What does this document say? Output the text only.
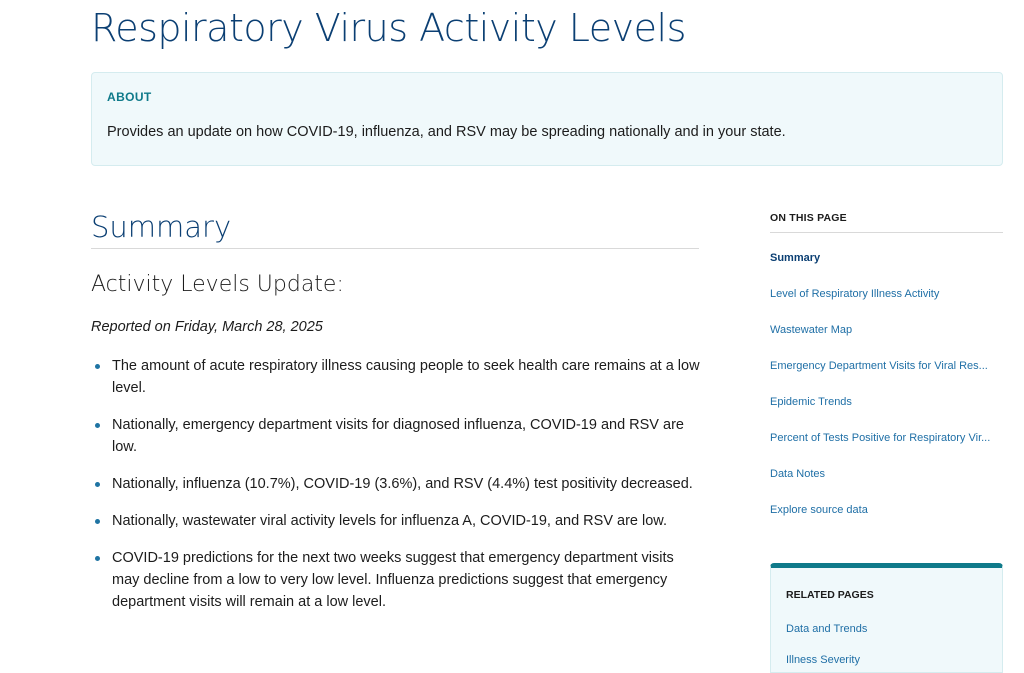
Respiratory Virus Activity Levels
ABOUT
Provides an update on how COVID-19, influenza, and RSV may be spreading nationally and in your state.
Summary
Activity Levels Update:

Reported on Friday, March 28, 2025

The amount of acute respiratory illness causing people to seek health care remains at a low level.
Nationally, emergency department visits for diagnosed influenza, COVID-19 and RSV are low.
Nationally, influenza (10.7%), COVID-19 (3.6%), and RSV (4.4%) test positivity decreased.
Nationally, wastewater viral activity levels for influenza A, COVID-19, and RSV are low.
COVID-19 predictions for the next two weeks suggest that emergency department visits may decline from a low to very low level. Influenza predictions suggest that emergency department visits will remain at a low level.
ON THIS PAGE
Summary
Level of Respiratory Illness Activity
Wastewater Map
Emergency Department Visits for Viral Res...
Epidemic Trends
Percent of Tests Positive for Respiratory Vir...
Data Notes
Explore source data
RELATED PAGES
Data and Trends
Illness Severity
